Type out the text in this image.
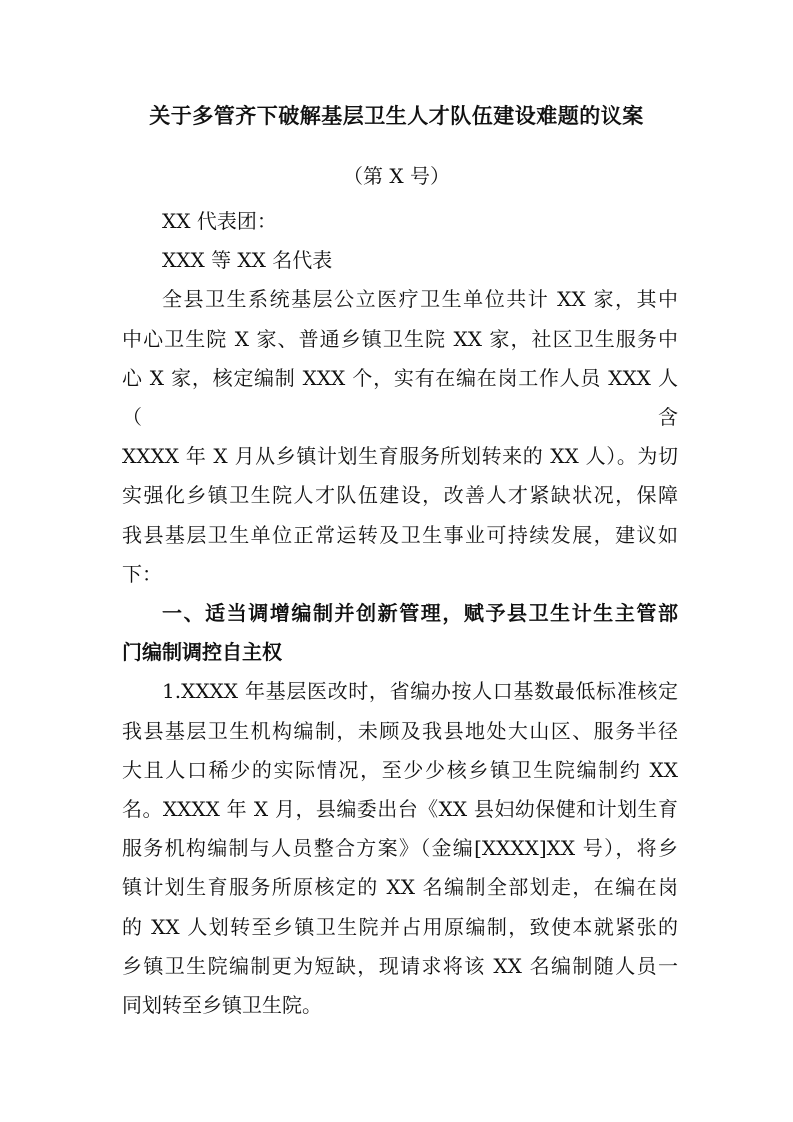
关于多管齐下破解基层卫生人才队伍建设难题的议案
（第 X 号）

XX 代表团：

XXX 等 XX 名代表

全县卫生系统基层公立医疗卫生单位共计 XX 家，其中
中心卫生院 X 家、普通乡镇卫生院 XX 家，社区卫生服务中
心 X 家，核定编制 XXX 个，实有在编在岗工作人员 XXX 人（含
XXXX 年 X 月从乡镇计划生育服务所划转来的 XX 人）。为切
实强化乡镇卫生院人才队伍建设，改善人才紧缺状况，保障
我县基层卫生单位正常运转及卫生事业可持续发展，建议如
下：

一、适当调增编制并创新管理，赋予县卫生计生主管部
门编制调控自主权

1.XXXX 年基层医改时，省编办按人口基数最低标准核定
我县基层卫生机构编制，未顾及我县地处大山区、服务半径
大且人口稀少的实际情况，至少少核乡镇卫生院编制约 XX
名。XXXX 年 X 月，县编委出台《XX 县妇幼保健和计划生育
服务机构编制与人员整合方案》（金编[XXXX]XX 号），将乡
镇计划生育服务所原核定的 XX 名编制全部划走，在编在岗
的 XX 人划转至乡镇卫生院并占用原编制，致使本就紧张的
乡镇卫生院编制更为短缺，现请求将该 XX 名编制随人员一
同划转至乡镇卫生院。
